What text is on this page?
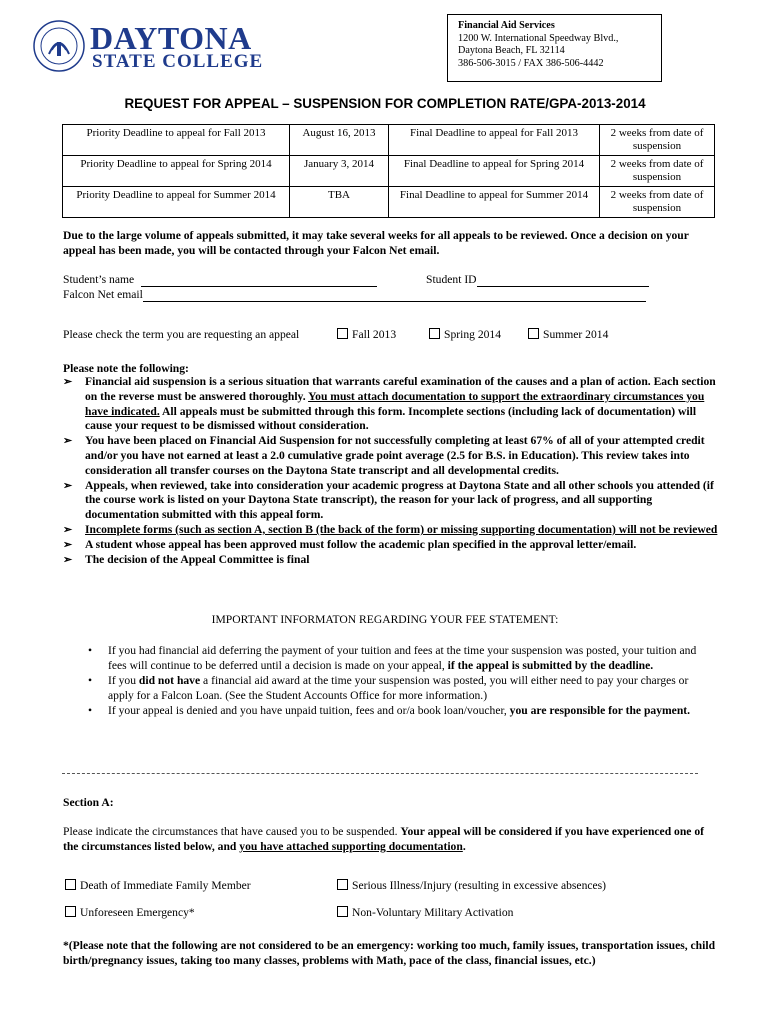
DAYTONA
STATE COLLEGE
Financial Aid Services
1200 W. International Speedway Blvd.,
Daytona Beach, FL 32114
386-506-3015 / FAX 386-506-4442
REQUEST FOR APPEAL – SUSPENSION FOR COMPLETION RATE/GPA-2013-2014
Priority Deadline to appeal for Fall 2013	August 16, 2013	Final Deadline to appeal for Fall 2013	2 weeks from date of suspension
Priority Deadline to appeal for Spring 2014	January 3, 2014	Final Deadline to appeal for Spring 2014	2 weeks from date of suspension
Priority Deadline to appeal for Summer 2014	TBA	Final Deadline to appeal for Summer 2014	2 weeks from date of suspension
Due to the large volume of appeals submitted, it may take several weeks for all appeals to be reviewed. Once a decision on your appeal has been made, you will be contacted through your Falcon Net email.
Student’s name	Student ID
Falcon Net email
Please check the term you are requesting an appeal	Fall 2013	Spring 2014	Summer 2014
Please note the following:
➢ Financial aid suspension is a serious situation that warrants careful examination of the causes and a plan of action. Each section on the reverse must be answered thoroughly. You must attach documentation to support the extraordinary circumstances you have indicated. All appeals must be submitted through this form. Incomplete sections (including lack of documentation) will cause your request to be dismissed without consideration.
➢ You have been placed on Financial Aid Suspension for not successfully completing at least 67% of all of your attempted credit and/or you have not earned at least a 2.0 cumulative grade point average (2.5 for B.S. in Education). This review takes into consideration all transfer courses on the Daytona State transcript and all developmental credits.
➢ Appeals, when reviewed, take into consideration your academic progress at Daytona State and all other schools you attended (if the course work is listed on your Daytona State transcript), the reason for your lack of progress, and all supporting documentation submitted with this appeal form.
➢ Incomplete forms (such as section A, section B (the back of the form) or missing supporting documentation) will not be reviewed
➢ A student whose appeal has been approved must follow the academic plan specified in the approval letter/email.
➢ The decision of the Appeal Committee is final
IMPORTANT INFORMATON REGARDING YOUR FEE STATEMENT:
• If you had financial aid deferring the payment of your tuition and fees at the time your suspension was posted, your tuition and fees will continue to be deferred until a decision is made on your appeal, if the appeal is submitted by the deadline.
• If you did not have a financial aid award at the time your suspension was posted, you will either need to pay your charges or apply for a Falcon Loan. (See the Student Accounts Office for more information.)
• If your appeal is denied and you have unpaid tuition, fees and or/a book loan/voucher, you are responsible for the payment.
Section A:
Please indicate the circumstances that have caused you to be suspended. Your appeal will be considered if you have experienced one of the circumstances listed below, and you have attached supporting documentation.
Death of Immediate Family Member	Serious Illness/Injury (resulting in excessive absences)
Unforeseen Emergency*	Non-Voluntary Military Activation
*(Please note that the following are not considered to be an emergency: working too much, family issues, transportation issues, child birth/pregnancy issues, taking too many classes, problems with Math, pace of the class, financial issues, etc.)
